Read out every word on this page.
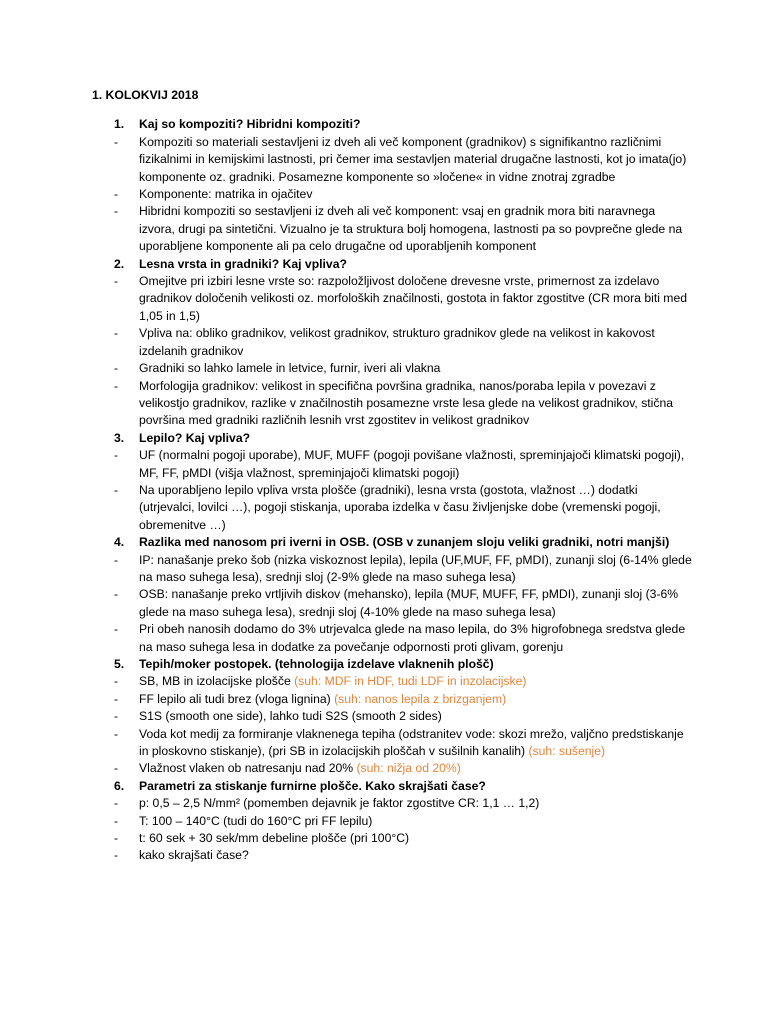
1. KOLOKVIJ 2018
1.	Kaj so kompoziti? Hibridni kompoziti?
-	Kompoziti so materiali sestavljeni iz dveh ali več komponent (gradnikov) s signifikantno različnimi fizikalnimi in kemijskimi lastnosti, pri čemer ima sestavljen material drugačne lastnosti, kot jo imata(jo) komponente oz. gradniki. Posamezne komponente so »ločene« in vidne znotraj zgradbe
-	Komponente: matrika in ojačitev
-	Hibridni kompoziti so sestavljeni iz dveh ali več komponent: vsaj en gradnik mora biti naravnega izvora, drugi pa sintetični. Vizualno je ta struktura bolj homogena, lastnosti pa so povprečne glede na uporabljene komponente ali pa celo drugačne od uporabljenih komponent
2.	Lesna vrsta in gradniki? Kaj vpliva?
-	Omejitve pri izbiri lesne vrste so: razpoložljivost določene drevesne vrste, primernost za izdelavo gradnikov določenih velikosti oz. morfoloških značilnosti, gostota in faktor zgostitve (CR mora biti med 1,05 in 1,5)
-	Vpliva na: obliko gradnikov, velikost gradnikov, strukturo gradnikov glede na velikost in kakovost izdelanih gradnikov
-	Gradniki so lahko lamele in letvice, furnir, iveri ali vlakna
-	Morfologija gradnikov: velikost in specifična površina gradnika, nanos/poraba lepila v povezavi z velikostjo gradnikov, razlike v značilnostih posamezne vrste lesa glede na velikost gradnikov, stična površina med gradniki različnih lesnih vrst zgostitev in velikost gradnikov
3.	Lepilo? Kaj vpliva?
-	UF (normalni pogoji uporabe), MUF, MUFF (pogoji povišane vlažnosti, spreminjajoči klimatski pogoji), MF, FF, pMDI (višja vlažnost, spreminjajoči klimatski pogoji)
-	Na uporabljeno lepilo vpliva vrsta plošče (gradniki), lesna vrsta (gostota, vlažnost …) dodatki (utrjevalci, lovilci …), pogoji stiskanja, uporaba izdelka v času življenjske dobe (vremenski pogoji, obremenitve …)
4.	Razlika med nanosom pri iverni in OSB. (OSB v zunanjem sloju veliki gradniki, notri manjši)
-	IP: nanašanje preko šob (nizka viskoznost lepila), lepila (UF,MUF, FF, pMDI), zunanji sloj (6-14% glede na maso suhega lesa), srednji sloj (2-9% glede na maso suhega lesa)
-	OSB: nanašanje preko vrtljivih diskov (mehansko), lepila (MUF, MUFF, FF, pMDI), zunanji sloj (3-6% glede na maso suhega lesa), srednji sloj (4-10% glede na maso suhega lesa)
-	Pri obeh nanosih dodamo do 3% utrjevalca glede na maso lepila, do 3% higrofobnega sredstva glede na maso suhega lesa in dodatke za povečanje odpornosti proti glivam, gorenju
5.	Tepih/moker postopek. (tehnologija izdelave vlaknenih plošč)
-	SB, MB in izolacijske plošče (suh: MDF in HDF, tudi LDF in inzolacijske)
-	FF lepilo ali tudi brez (vloga lignina) (suh: nanos lepila z brizganjem)
-	S1S (smooth one side), lahko tudi S2S (smooth 2 sides)
-	Voda kot medij za formiranje vlaknenega tepiha (odstranitev vode: skozi mrežo, valjčno predstiskanje in ploskovno stiskanje), (pri SB in izolacijskih ploščah v sušilnih kanalih) (suh: sušenje)
-	Vlažnost vlaken ob natresanju nad 20% (suh: nižja od 20%)
6.	Parametri za stiskanje furnirne plošče. Kako skrajšati čase?
-	p: 0,5 – 2,5 N/mm² (pomemben dejavnik je faktor zgostitve CR: 1,1 … 1,2)
-	T: 100 – 140°C (tudi do 160°C pri FF lepilu)
-	t: 60 sek + 30 sek/mm debeline plošče (pri 100°C)
-	kako skrajšati čase?
